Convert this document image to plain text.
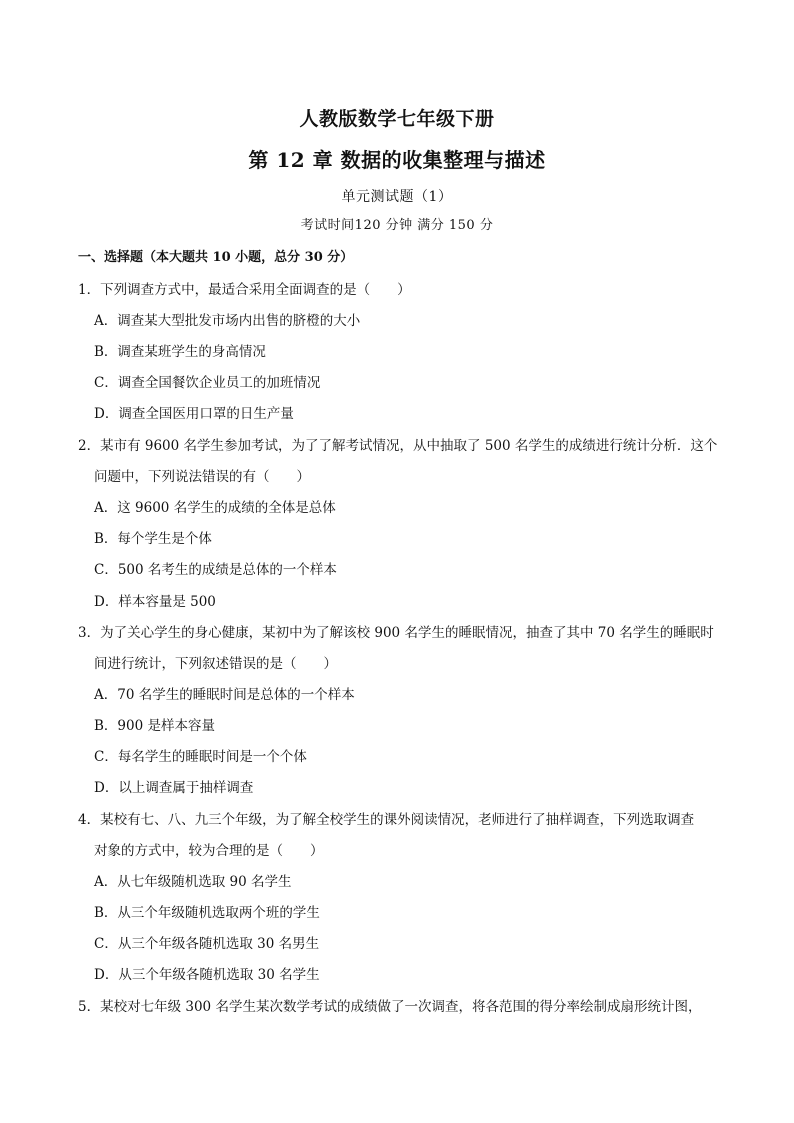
人教版数学七年级下册
第 12 章 数据的收集整理与描述
单元测试题（1）
考试时间120 分钟 满分 150 分
一、选择题（本大题共 10 小题，总分 30 分）
1．下列调查方式中，最适合采用全面调查的是（　　）
A．调查某大型批发市场内出售的脐橙的大小
B．调查某班学生的身高情况
C．调查全国餐饮企业员工的加班情况
D．调查全国医用口罩的日生产量
2．某市有 9600 名学生参加考试，为了了解考试情况，从中抽取了 500 名学生的成绩进行统计分析．这个
问题中，下列说法错误的有（　　）
A．这 9600 名学生的成绩的全体是总体
B．每个学生是个体
C．500 名考生的成绩是总体的一个样本
D．样本容量是 500
3．为了关心学生的身心健康，某初中为了解该校 900 名学生的睡眠情况，抽查了其中 70 名学生的睡眠时
间进行统计，下列叙述错误的是（　　）
A．70 名学生的睡眠时间是总体的一个样本
B．900 是样本容量
C．每名学生的睡眠时间是一个个体
D．以上调查属于抽样调查
4．某校有七、八、九三个年级，为了解全校学生的课外阅读情况，老师进行了抽样调查，下列选取调查
对象的方式中，较为合理的是（　　）
A．从七年级随机选取 90 名学生
B．从三个年级随机选取两个班的学生
C．从三个年级各随机选取 30 名男生
D．从三个年级各随机选取 30 名学生
5．某校对七年级 300 名学生某次数学考试的成绩做了一次调查，将各范围的得分率绘制成扇形统计图，
